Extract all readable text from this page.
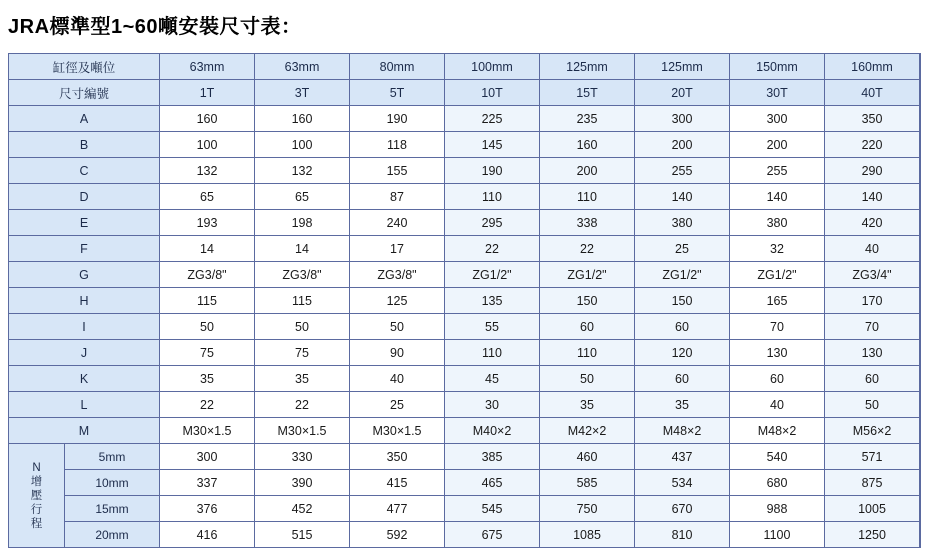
JRA標準型1~60噸安裝尺寸表：
缸徑及噸位		63mm	63mm	80mm	100mm	125mm	125mm	150mm	160mm	
尺寸編號		1T	3T	5T	10T	15T	20T	30T	40T	
A		160	160	190	225	235	300	300	350	
B		100	100	118	145	160	200	200	220	
C		132	132	155	190	200	255	255	290	
D		65	65	87	110	110	140	140	140	
E		193	198	240	295	338	380	380	420	
F		14	14	17	22	22	25	32	40	
G		ZG3/8"	ZG3/8"	ZG3/8"	ZG1/2"	ZG1/2"	ZG1/2"	ZG1/2"	ZG3/4"	
H		115	115	125	135	150	150	165	170	
I		50	50	50	55	60	60	70	70	
J		75	75	90	110	110	120	130	130	
K		35	35	40	45	50	60	60	60	
L		22	22	25	30	35	35	40	50	
M		M30×1.5	M30×1.5	M30×1.5	M40×2	M42×2	M48×2	M48×2	M56×2	

N
增
壓
行
程	5mm	300	330	350	385	460	437	540	571	
	10mm	337	390	415	465	585	534	680	875	
	15mm	376	452	477	545	750	670	988	1005	
	20mm	416	515	592	675	1085	810	1100	1250	
